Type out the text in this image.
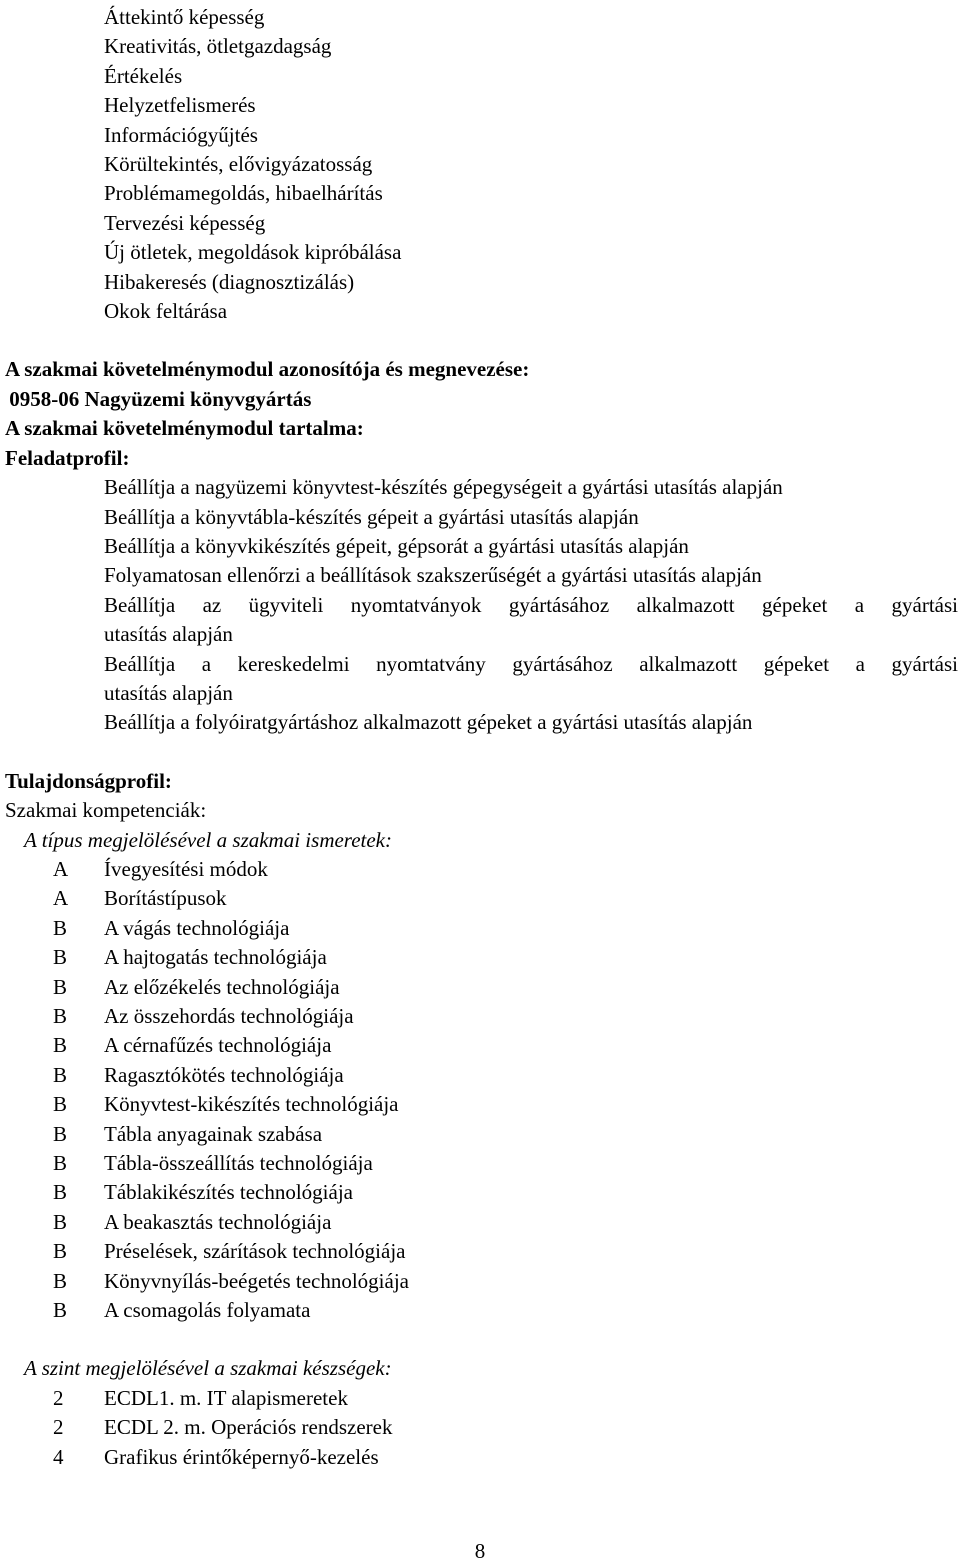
Áttekintő képesség
Kreativitás, ötletgazdagság
Értékelés
Helyzetfelismerés
Információgyűjtés
Körültekintés, elővigyázatosság
Problémamegoldás, hibaelhárítás
Tervezési képesség
Új ötletek, megoldások kipróbálása
Hibakeresés (diagnosztizálás)
Okok feltárása
A szakmai követelménymodul azonosítója és megnevezése:
0958-06 Nagyüzemi könyvgyártás
A szakmai követelménymodul tartalma:
Feladatprofil:
Beállítja a nagyüzemi könyvtest-készítés gépegységeit a gyártási utasítás alapján
Beállítja a könyvtábla-készítés gépeit a gyártási utasítás alapján
Beállítja a könyvkikészítés gépeit, gépsorát a gyártási utasítás alapján
Folyamatosan ellenőrzi a beállítások szakszerűségét a gyártási utasítás alapján
Beállítja az ügyviteli nyomtatványok gyártásához alkalmazott gépeket a gyártási
utasítás alapján
Beállítja a kereskedelmi nyomtatvány gyártásához alkalmazott gépeket a gyártási
utasítás alapján
Beállítja a folyóiratgyártáshoz alkalmazott gépeket a gyártási utasítás alapján
Tulajdonságprofil:
Szakmai kompetenciák:
A típus megjelölésével a szakmai ismeretek:
A	Ívegyesítési módok
A	Borítástípusok
B	A vágás technológiája
B	A hajtogatás technológiája
B	Az előzékelés technológiája
B	Az összehordás technológiája
B	A cérnafűzés technológiája
B	Ragasztókötés technológiája
B	Könyvtest-kikészítés technológiája
B	Tábla anyagainak szabása
B	Tábla-összeállítás technológiája
B	Táblakikészítés technológiája
B	A beakasztás technológiája
B	Préselések, szárítások technológiája
B	Könyvnyílás-beégetés technológiája
B	A csomagolás folyamata
A szint megjelölésével a szakmai készségek:
2	ECDL1. m. IT alapismeretek
2	ECDL 2. m. Operációs rendszerek
4	Grafikus érintőképernyő-kezelés
8
